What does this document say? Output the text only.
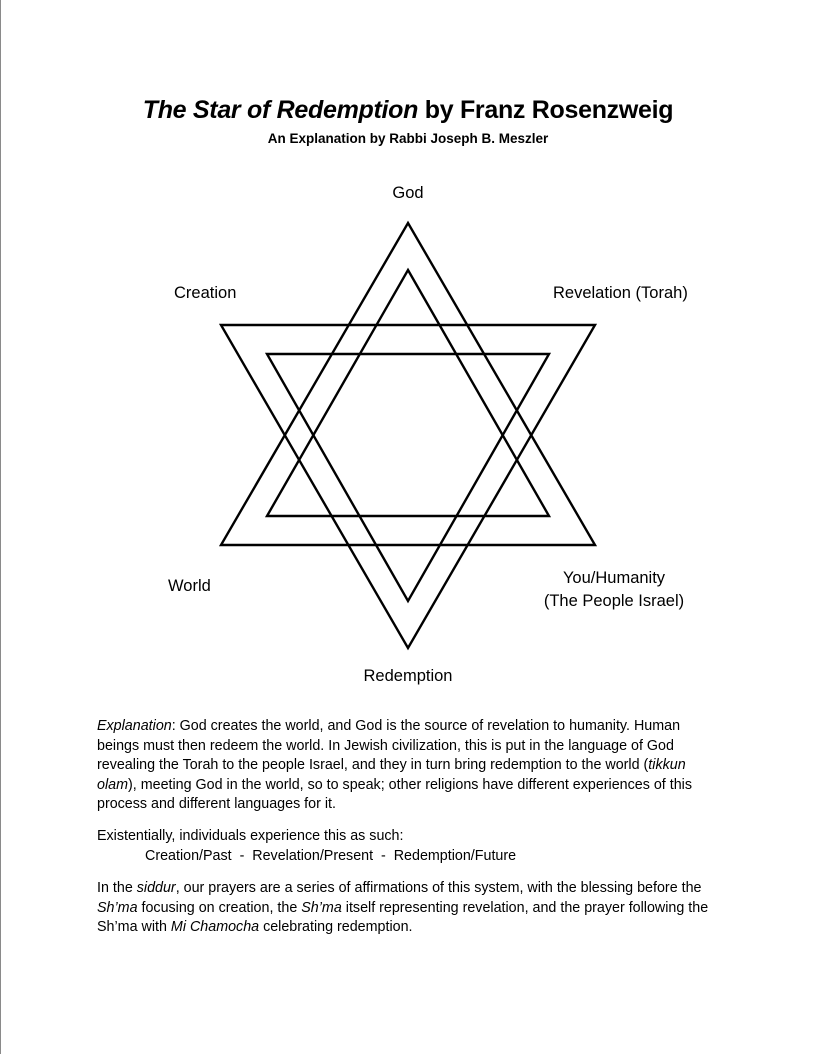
The Star of Redemption by Franz Rosenzweig
An Explanation by Rabbi Joseph B. Meszler
God
Creation	Revelation (Torah)
World	You/Humanity
(The People Israel)
Redemption

Explanation: God creates the world, and God is the source of revelation to humanity. Human beings must then redeem the world. In Jewish civilization, this is put in the language of God revealing the Torah to the people Israel, and they in turn bring redemption to the world (tikkun olam), meeting God in the world, so to speak; other religions have different experiences of this process and different languages for it.

Existentially, individuals experience this as such:

Creation/Past  -  Revelation/Present  -  Redemption/Future

In the siddur, our prayers are a series of affirmations of this system, with the blessing before the Sh’ma focusing on creation, the Sh’ma itself representing revelation, and the prayer following the Sh’ma with Mi Chamocha celebrating redemption.
